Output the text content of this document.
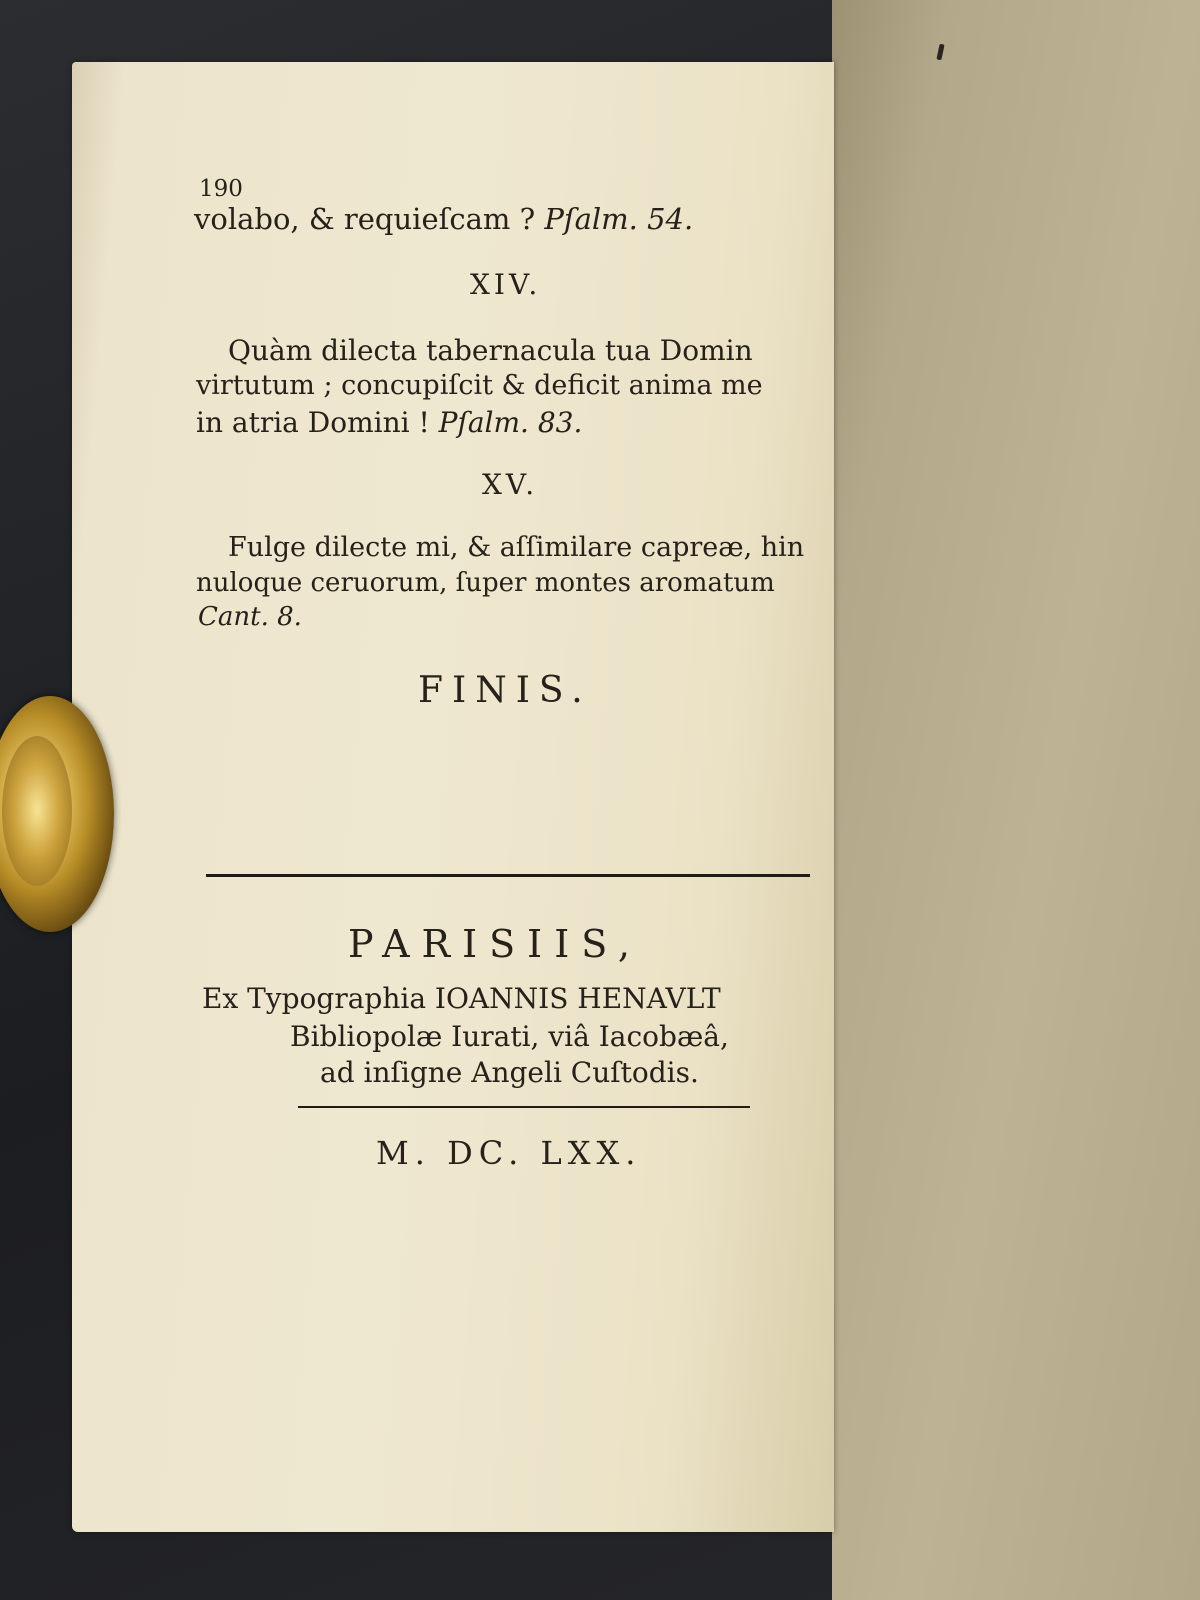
190
volabo, & requieſcam ? Pſalm. 54.
XIV.
Quàm dilecta tabernacula tua Domin
virtutum ; concupiſcit & deficit anima me
in atria Domini ! Pſalm. 83.
XV.
Fulge dilecte mi, & aſſimilare capreæ, hin
nuloque ceruorum, ſuper montes aromatum
Cant. 8.
FINIS.
PARISIIS,
Ex Typographia IOANNIS HENAVLT
Bibliopolæ Iurati, viâ Iacobæâ,
ad inſigne Angeli Cuſtodis.
M. DC. LXX.
